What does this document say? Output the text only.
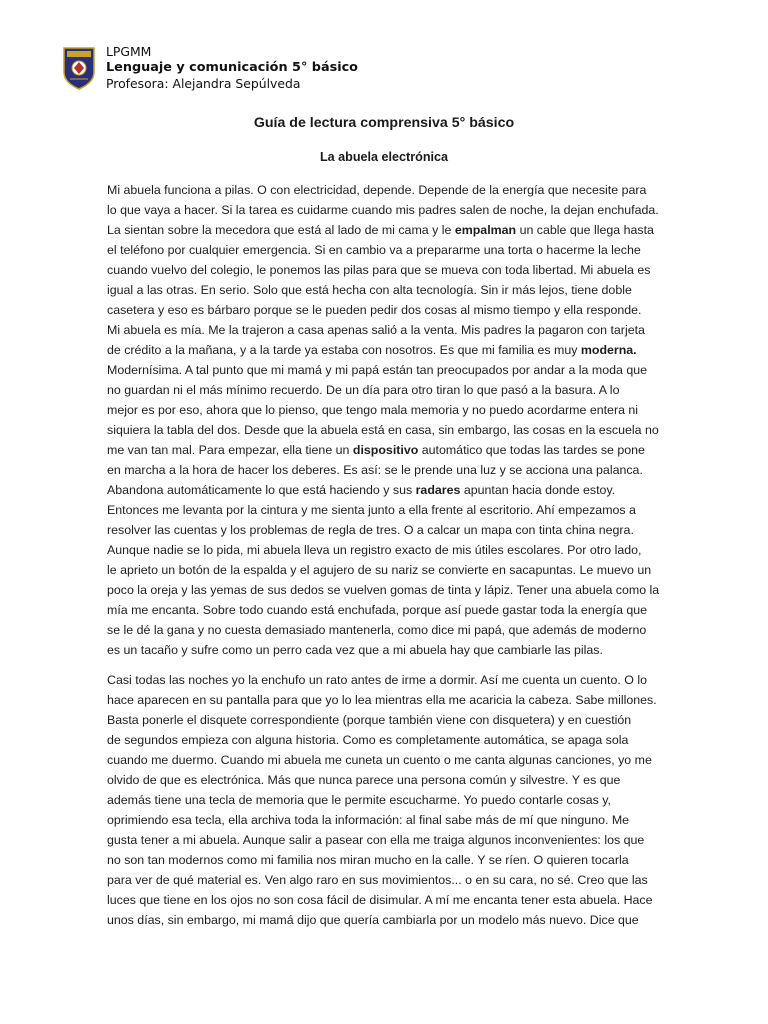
LPGMM
Lenguaje y comunicación 5° básico
Profesora: Alejandra Sepúlveda
Guía de lectura comprensiva 5° básico
La abuela electrónica
Mi abuela funciona a pilas. O con electricidad, depende. Depende de la energía que necesite para
lo que vaya a hacer. Si la tarea es cuidarme cuando mis padres salen de noche, la dejan enchufada.
La sientan sobre la mecedora que está al lado de mi cama y le empalman un cable que llega hasta
el teléfono por cualquier emergencia. Si en cambio va a prepararme una torta o hacerme la leche
cuando vuelvo del colegio, le ponemos las pilas para que se mueva con toda libertad. Mi abuela es
igual a las otras. En serio. Solo que está hecha con alta tecnología. Sin ir más lejos, tiene doble
casetera y eso es bárbaro porque se le pueden pedir dos cosas al mismo tiempo y ella responde.
Mi abuela es mía. Me la trajeron a casa apenas salió a la venta. Mis padres la pagaron con tarjeta
de crédito a la mañana, y a la tarde ya estaba con nosotros. Es que mi familia es muy moderna.
Modernísima. A tal punto que mi mamá y mi papá están tan preocupados por andar a la moda que
no guardan ni el más mínimo recuerdo. De un día para otro tiran lo que pasó a la basura. A lo
mejor es por eso, ahora que lo pienso, que tengo mala memoria y no puedo acordarme entera ni
siquiera la tabla del dos. Desde que la abuela está en casa, sin embargo, las cosas en la escuela no
me van tan mal. Para empezar, ella tiene un dispositivo automático que todas las tardes se pone
en marcha a la hora de hacer los deberes. Es así: se le prende una luz y se acciona una palanca.
Abandona automáticamente lo que está haciendo y sus radares apuntan hacia donde estoy.
Entonces me levanta por la cintura y me sienta junto a ella frente al escritorio. Ahí empezamos a
resolver las cuentas y los problemas de regla de tres. O a calcar un mapa con tinta china negra.
Aunque nadie se lo pida, mi abuela lleva un registro exacto de mis útiles escolares. Por otro lado,
le aprieto un botón de la espalda y el agujero de su nariz se convierte en sacapuntas. Le muevo un
poco la oreja y las yemas de sus dedos se vuelven gomas de tinta y lápiz. Tener una abuela como la
mía me encanta. Sobre todo cuando está enchufada, porque así puede gastar toda la energía que
se le dé la gana y no cuesta demasiado mantenerla, como dice mi papá, que además de moderno
es un tacaño y sufre como un perro cada vez que a mi abuela hay que cambiarle las pilas.
Casi todas las noches yo la enchufo un rato antes de irme a dormir. Así me cuenta un cuento. O lo
hace aparecen en su pantalla para que yo lo lea mientras ella me acaricia la cabeza. Sabe millones.
Basta ponerle el disquete correspondiente (porque también viene con disquetera) y en cuestión
de segundos empieza con alguna historia. Como es completamente automática, se apaga sola
cuando me duermo. Cuando mi abuela me cuneta un cuento o me canta algunas canciones, yo me
olvido de que es electrónica. Más que nunca parece una persona común y silvestre. Y es que
además tiene una tecla de memoria que le permite escucharme. Yo puedo contarle cosas y,
oprimiendo esa tecla, ella archiva toda la información: al final sabe más de mí que ninguno. Me
gusta tener a mi abuela. Aunque salir a pasear con ella me traiga algunos inconvenientes: los que
no son tan modernos como mi familia nos miran mucho en la calle. Y se ríen. O quieren tocarla
para ver de qué material es. Ven algo raro en sus movimientos... o en su cara, no sé. Creo que las
luces que tiene en los ojos no son cosa fácil de disimular. A mí me encanta tener esta abuela. Hace
unos días, sin embargo, mi mamá dijo que quería cambiarla por un modelo más nuevo. Dice que
